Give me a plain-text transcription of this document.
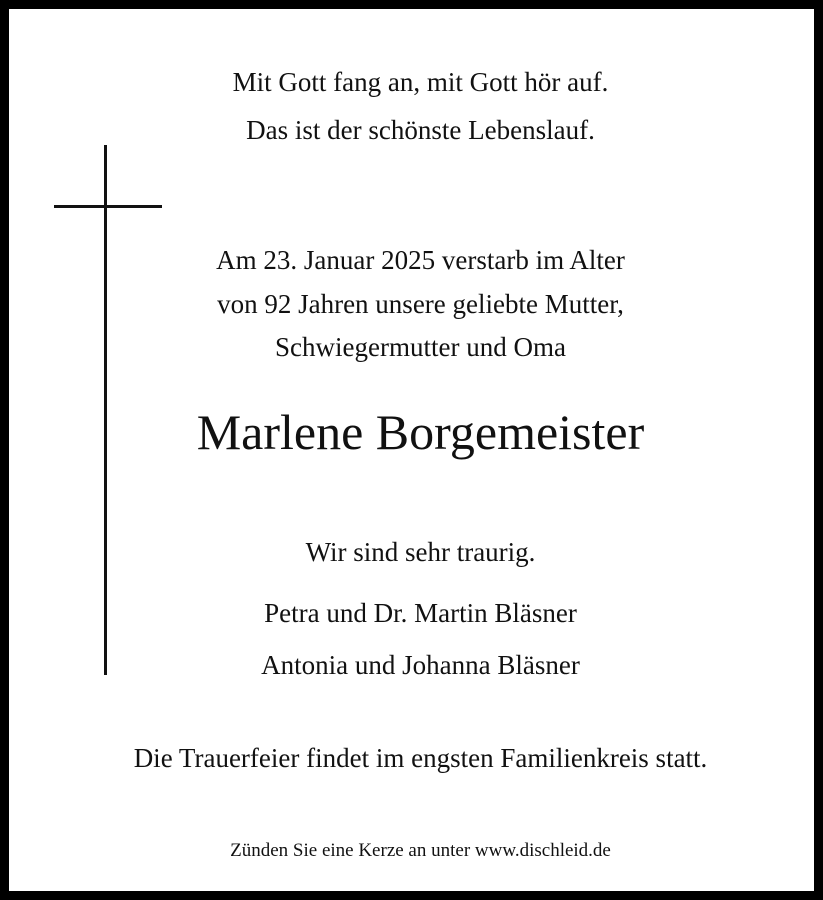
Mit Gott fang an, mit Gott hör auf.
Das ist der schönste Lebenslauf.
Am 23. Januar 2025 verstarb im Alter
von 92 Jahren unsere geliebte Mutter,
Schwiegermutter und Oma
Marlene Borgemeister
Wir sind sehr traurig.
Petra und Dr. Martin Bläsner
Antonia und Johanna Bläsner
Die Trauerfeier findet im engsten Familienkreis statt.
Zünden Sie eine Kerze an unter www.dischleid.de
